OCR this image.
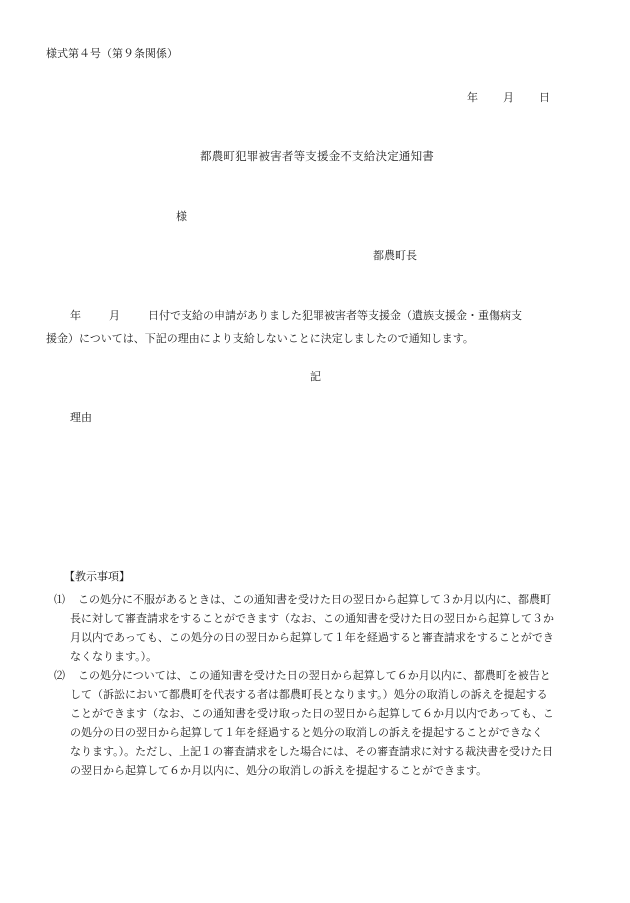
様式第４号（第９条関係）
年 月 日
都農町犯罪被害者等支援金不支給決定通知書
様
都農町長
年	月	日付で支給の申請がありました犯罪被害者等支援金（遺族支援金・重傷病支
援金）については、下記の理由により支給しないことに決定しましたので通知します。
記
理由
【教示事項】
⑴ この処分に不服があるときは、この通知書を受けた日の翌日から起算して３か月以内に、都農町
長に対して審査請求をすることができます（なお、この通知書を受けた日の翌日から起算して３か
月以内であっても、この処分の日の翌日から起算して１年を経過すると審査請求をすることができ
なくなります。）。
⑵ この処分については、この通知書を受けた日の翌日から起算して６か月以内に、都農町を被告と
して（訴訟において都農町を代表する者は都農町長となります。）処分の取消しの訴えを提起する
ことができます（なお、この通知書を受け取った日の翌日から起算して６か月以内であっても、こ
の処分の日の翌日から起算して１年を経過すると処分の取消しの訴えを提起することができなく
なります。）。ただし、上記１の審査請求をした場合には、その審査請求に対する裁決書を受けた日
の翌日から起算して６か月以内に、処分の取消しの訴えを提起することができます。
